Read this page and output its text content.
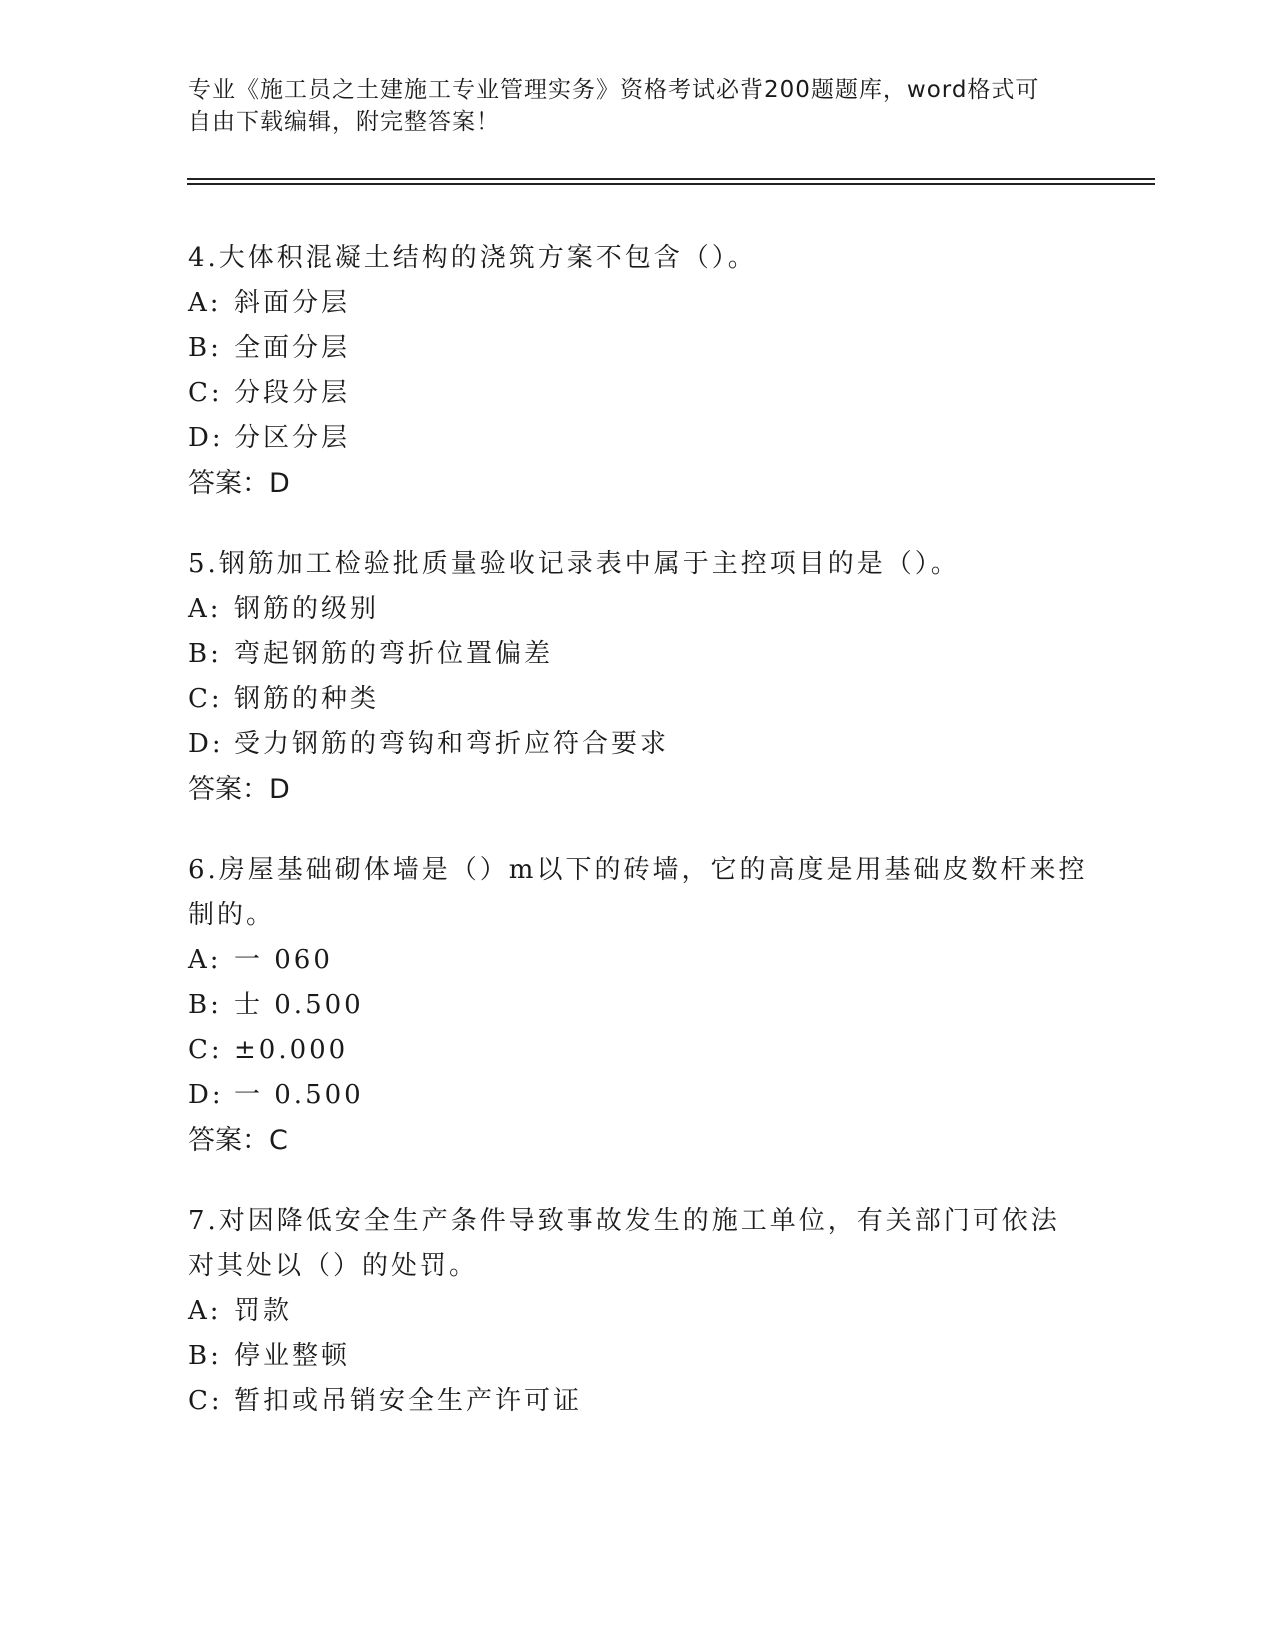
专业《施工员之土建施工专业管理实务》资格考试必背200题题库，word格式可
自由下载编辑，附完整答案！
4.大体积混凝土结构的浇筑方案不包含（）。
A: 斜面分层
B: 全面分层
C: 分段分层
D: 分区分层
答案：D
5.钢筋加工检验批质量验收记录表中属于主控项目的是（）。
A: 钢筋的级别
B: 弯起钢筋的弯折位置偏差
C: 钢筋的种类
D: 受力钢筋的弯钩和弯折应符合要求
答案：D
6.房屋基础砌体墙是（）m以下的砖墙，它的高度是用基础皮数杆来控制的。
A: 一 060
B: 士 0.500
C: ±0.000
D: 一 0.500
答案：C
7.对因降低安全生产条件导致事故发生的施工单位，有关部门可依法对其处以（）的处罚。
A: 罚款
B: 停业整顿
C: 暂扣或吊销安全生产许可证
